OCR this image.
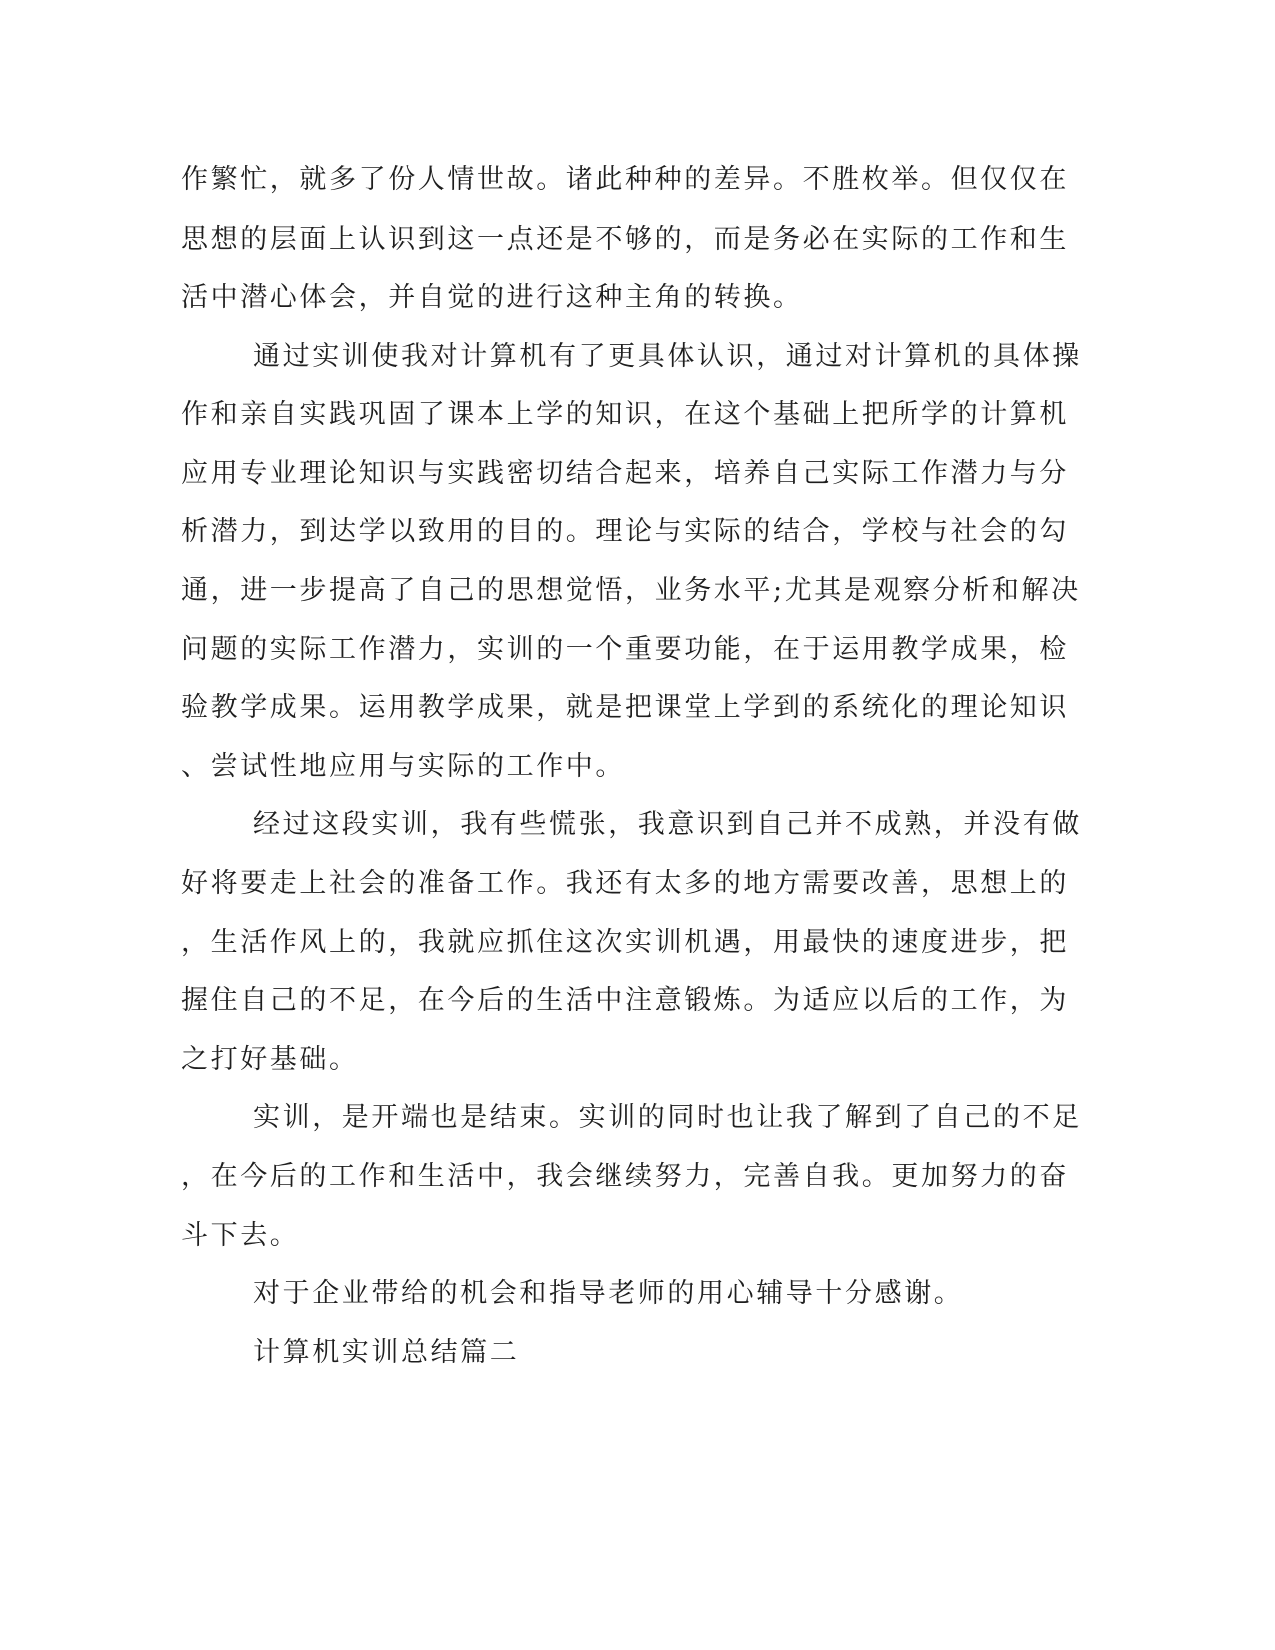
作繁忙，就多了份人情世故。诸此种种的差异。不胜枚举。但仅仅在

思想的层面上认识到这一点还是不够的，而是务必在实际的工作和生

活中潜心体会，并自觉的进行这种主角的转换。

通过实训使我对计算机有了更具体认识，通过对计算机的具体操

作和亲自实践巩固了课本上学的知识，在这个基础上把所学的计算机

应用专业理论知识与实践密切结合起来，培养自己实际工作潜力与分

析潜力，到达学以致用的目的。理论与实际的结合，学校与社会的勾

通，进一步提高了自己的思想觉悟，业务水平;尤其是观察分析和解决

问题的实际工作潜力，实训的一个重要功能，在于运用教学成果，检

验教学成果。运用教学成果，就是把课堂上学到的系统化的理论知识

、尝试性地应用与实际的工作中。

经过这段实训，我有些慌张，我意识到自己并不成熟，并没有做

好将要走上社会的准备工作。我还有太多的地方需要改善，思想上的

，生活作风上的，我就应抓住这次实训机遇，用最快的速度进步，把

握住自己的不足，在今后的生活中注意锻炼。为适应以后的工作，为

之打好基础。

实训，是开端也是结束。实训的同时也让我了解到了自己的不足

，在今后的工作和生活中，我会继续努力，完善自我。更加努力的奋

斗下去。

对于企业带给的机会和指导老师的用心辅导十分感谢。

计算机实训总结篇二
